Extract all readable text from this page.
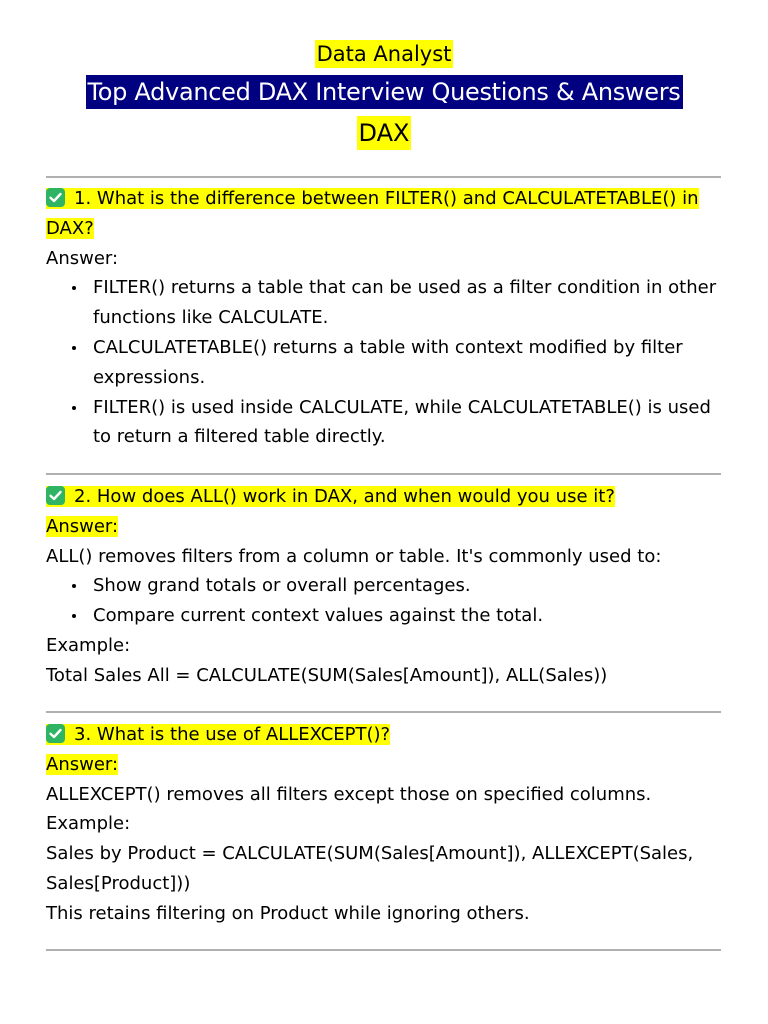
Data Analyst
Top Advanced DAX Interview Questions & Answers
DAX
1. What is the difference between FILTER() and CALCULATETABLE() in DAX?
Answer:
FILTER() returns a table that can be used as a filter condition in other functions like CALCULATE.
CALCULATETABLE() returns a table with context modified by filter expressions.
FILTER() is used inside CALCULATE, while CALCULATETABLE() is used to return a filtered table directly.
2. How does ALL() work in DAX, and when would you use it?
Answer:
ALL() removes filters from a column or table. It's commonly used to:
Show grand totals or overall percentages.
Compare current context values against the total.
Example:
Total Sales All = CALCULATE(SUM(Sales[Amount]), ALL(Sales))
3. What is the use of ALLEXCEPT()?
Answer:
ALLEXCEPT() removes all filters except those on specified columns.
Example:
Sales by Product = CALCULATE(SUM(Sales[Amount]), ALLEXCEPT(Sales, Sales[Product]))
This retains filtering on Product while ignoring others.
